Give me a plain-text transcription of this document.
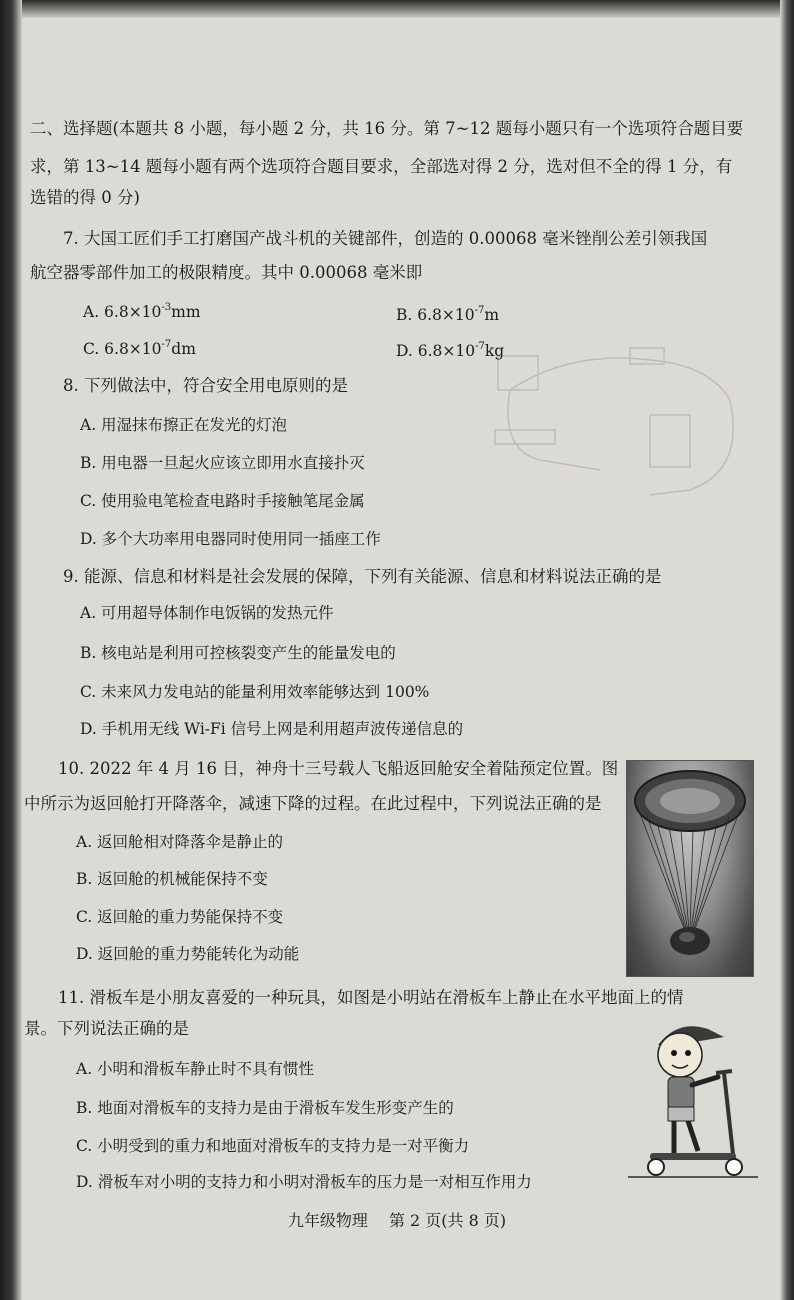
二、选择题(本题共 8 小题，每小题 2 分，共 16 分。第 7~12 题每小题只有一个选项符合题目要
求，第 13~14 题每小题有两个选项符合题目要求，全部选对得 2 分，选对但不全的得 1 分，有
选错的得 0 分)
7. 大国工匠们手工打磨国产战斗机的关键部件，创造的 0.00068 毫米锉削公差引领我国
航空器零部件加工的极限精度。其中 0.00068 毫米即
A. $6.8\times 10^{-3}mm$	B. $6.8\times 10^{-7}m$
C. $6.8\times 10^{-7}dm$	D. $6.8\times 10^{-7}kg$
8. 下列做法中，符合安全用电原则的是
A. 用湿抹布擦正在发光的灯泡
B. 用电器一旦起火应该立即用水直接扑灭
C. 使用验电笔检查电路时手接触笔尾金属
D. 多个大功率用电器同时使用同一插座工作
9. 能源、信息和材料是社会发展的保障，下列有关能源、信息和材料说法正确的是
A. 可用超导体制作电饭锅的发热元件
B. 核电站是利用可控核裂变产生的能量发电的
C. 未来风力发电站的能量利用效率能够达到 100%
D. 手机用无线 Wi-Fi 信号上网是利用超声波传递信息的
10. 2022 年 4 月 16 日，神舟十三号载人飞船返回舱安全着陆预定位置。图
中所示为返回舱打开降落伞，减速下降的过程。在此过程中，下列说法正确的是
A. 返回舱相对降落伞是静止的
B. 返回舱的机械能保持不变
C. 返回舱的重力势能保持不变
D. 返回舱的重力势能转化为动能
11. 滑板车是小朋友喜爱的一种玩具，如图是小明站在滑板车上静止在水平地面上的情
景。下列说法正确的是
A. 小明和滑板车静止时不具有惯性
B. 地面对滑板车的支持力是由于滑板车发生形变产生的
C. 小明受到的重力和地面对滑板车的支持力是一对平衡力
D. 滑板车对小明的支持力和小明对滑板车的压力是一对相互作用力
九年级物理 第 2 页(共 8 页)
